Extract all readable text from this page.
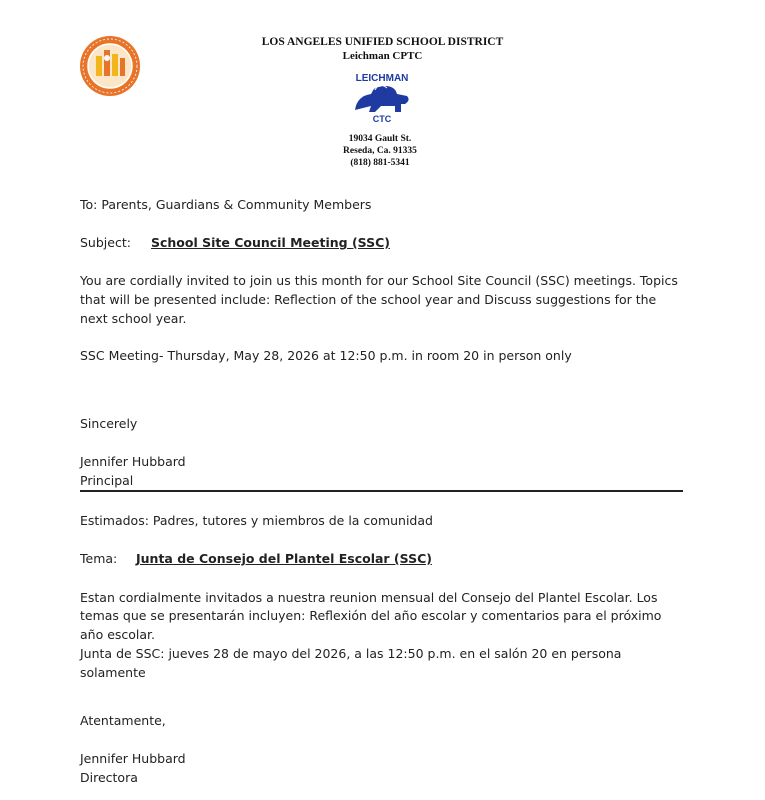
LOS ANGELES UNIFIED SCHOOL DISTRICT
Leichman CPTC
LEICHMAN
CTC
19034 Gault St.
Reseda, Ca. 91335
(818) 881-5341
To: Parents, Guardians & Community Members
Subject: School Site Council Meeting (SSC)
You are cordially invited to join us this month for our School Site Council (SSC) meetings. Topics
that will be presented include: Reflection of the school year and Discuss suggestions for the
next school year.
SSC Meeting- Thursday, May 28, 2026 at 12:50 p.m. in room 20 in person only
Sincerely
Jennifer Hubbard
Principal
Estimados: Padres, tutores y miembros de la comunidad
Tema: Junta de Consejo del Plantel Escolar (SSC)
Estan cordialmente invitados a nuestra reunion mensual del Consejo del Plantel Escolar. Los
temas que se presentarán incluyen: Reflexión del año escolar y comentarios para el próximo
año escolar.
Junta de SSC: jueves 28 de mayo del 2026, a las 12:50 p.m. en el salón 20 en persona
solamente
Atentamente,
Jennifer Hubbard
Directora
